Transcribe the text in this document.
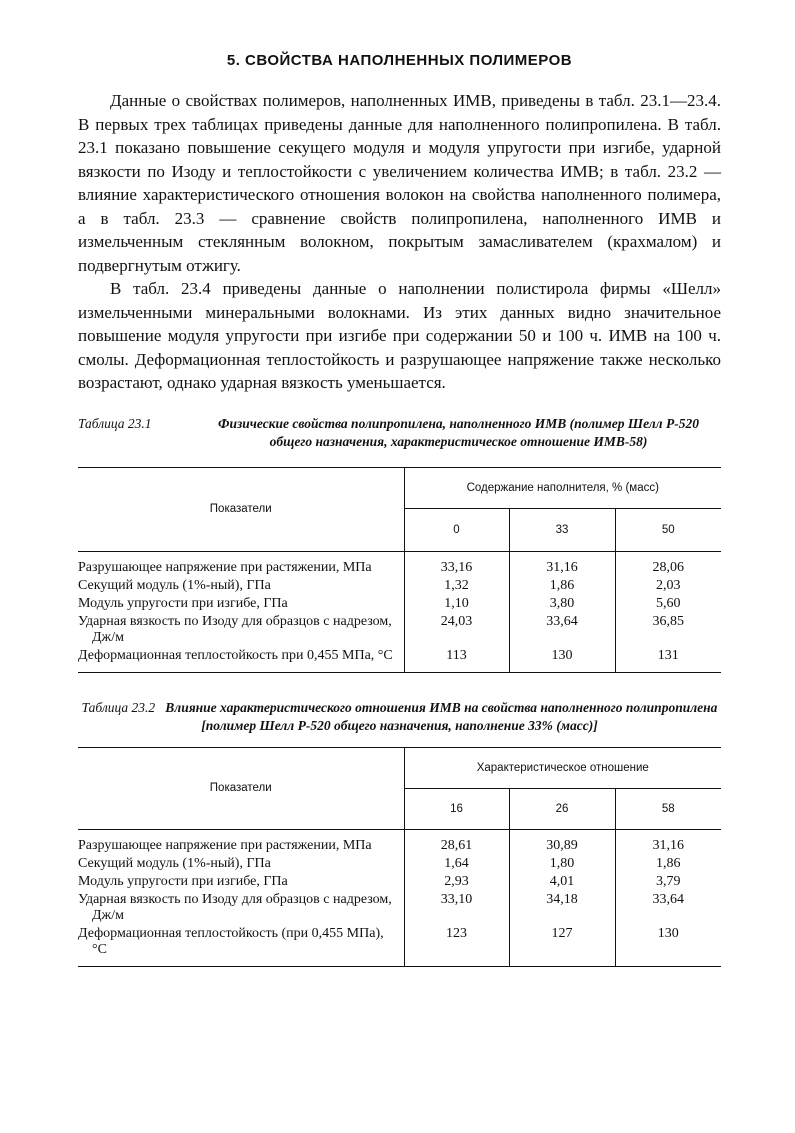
5. СВОЙСТВА НАПОЛНЕННЫХ ПОЛИМЕРОВ

Данные о свойствах полимеров, наполненных ИМВ, приведены в табл. 23.1—23.4. В первых трех таблицах приведены данные для наполненного полипропилена. В табл. 23.1 показано повышение секущего модуля и модуля упругости при изгибе, ударной вязкости по Изоду и теплостойкости с увеличением количества ИМВ; в табл. 23.2 — влияние характеристического отношения волокон на свойства наполненного полимера, а в табл. 23.3 — сравнение свойств полипропилена, наполненного ИМВ и измельченным стеклянным волокном, покрытым замасливателем (крахмалом) и подвергнутым отжигу.

В табл. 23.4 приведены данные о наполнении полистирола фирмы «Шелл» измельченными минеральными волокнами. Из этих данных видно значительное повышение модуля упругости при изгибе при содержании 50 и 100 ч. ИМВ на 100 ч. смолы. Деформационная теплостойкость и разрушающее напряжение также несколько возрастают, однако ударная вязкость уменьшается.

Таблица 23.1	Физические свойства полипропилена, наполненного ИМВ (полимер Шелл Р-520 общего назначения, характеристическое отношение ИМВ-58)
Показатели	Содержание наполнителя, % (масс)		
	0	33	50

Разрушающее напряжение при растяжении, МПа	33,16	31,16	28,06

Секущий модуль (1%-ный), ГПа	1,32	1,86	2,03

Модуль упругости при изгибе, ГПа	1,10	3,80	5,60

Ударная вязкость по Изоду для образцов с надрезом, Дж/м	24,03	33,64	36,85

Деформационная теплостойкость при 0,455 МПа, °С	113	130	131
Таблица 23.2 Влияние характеристического отношения ИМВ на свойства наполненного полипропилена [полимер Шелл Р-520 общего назначения, наполнение 33% (масс)]
Показатели	Характеристическое отношение		
	16	26	58

Разрушающее напряжение при растяжении, МПа	28,61	30,89	31,16

Секущий модуль (1%-ный), ГПа	1,64	1,80	1,86

Модуль упругости при изгибе, ГПа	2,93	4,01	3,79

Ударная вязкость по Изоду для образцов с надрезом, Дж/м	33,10	34,18	33,64

Деформационная теплостойкость (при 0,455 МПа), °С	123	127	130
